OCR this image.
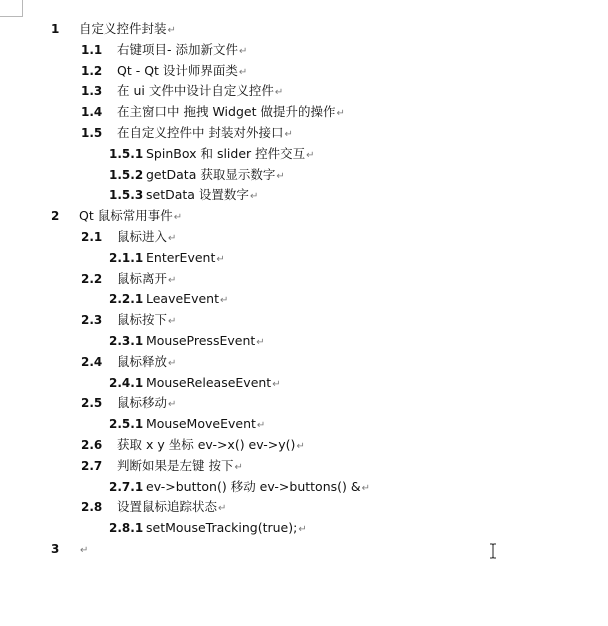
1 自定义控件封装↵
1.1 右键项目- 添加新文件↵
1.2 Qt - Qt 设计师界面类↵
1.3 在 ui 文件中设计自定义控件↵
1.4 在主窗口中 拖拽 Widget 做提升的操作↵
1.5 在自定义控件中 封装对外接口↵
1.5.1 SpinBox 和 slider 控件交互↵
1.5.2 getData 获取显示数字↵
1.5.3 setData 设置数字↵
2 Qt 鼠标常用事件↵
2.1 鼠标进入↵
2.1.1 EnterEvent↵
2.2 鼠标离开↵
2.2.1 LeaveEvent↵
2.3 鼠标按下↵
2.3.1 MousePressEvent↵
2.4 鼠标释放↵
2.4.1 MouseReleaseEvent↵
2.5 鼠标移动↵
2.5.1 MouseMoveEvent↵
2.6 获取 x y 坐标 ev->x() ev->y()↵
2.7 判断如果是左键 按下↵
2.7.1 ev->button() 移动 ev->buttons() &↵
2.8 设置鼠标追踪状态↵
2.8.1 setMouseTracking(true);↵
3 ↵
